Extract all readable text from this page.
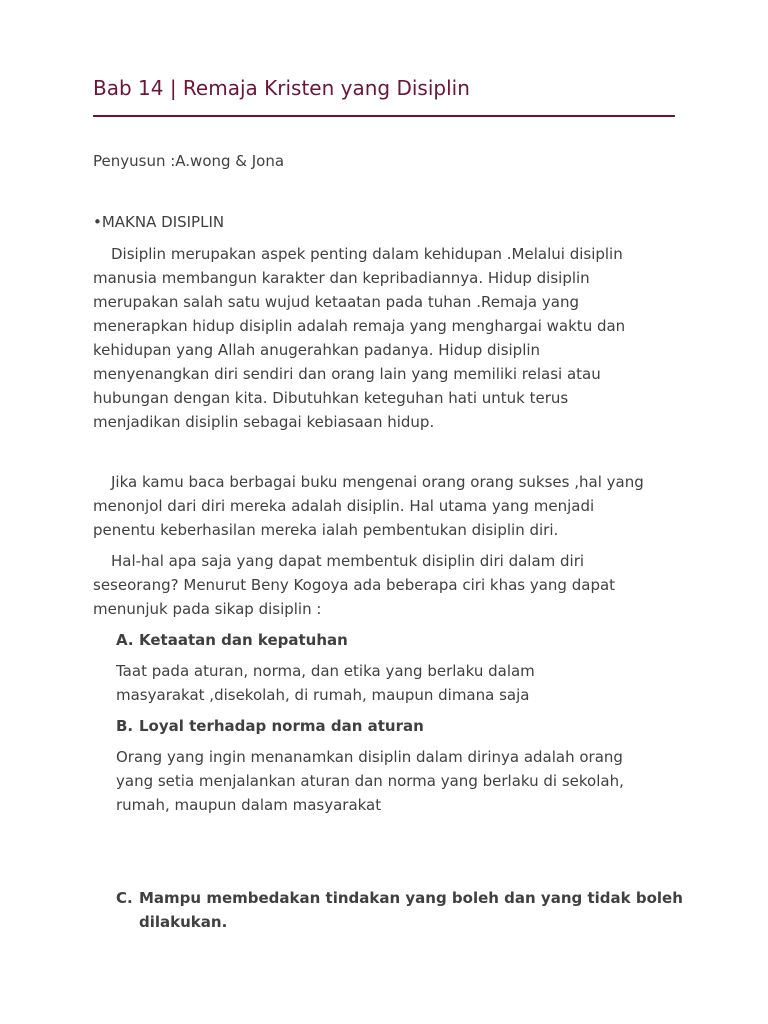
Bab 14 | Remaja Kristen yang Disiplin
Penyusun :A.wong & Jona
•MAKNA DISIPLIN
Disiplin merupakan aspek penting dalam kehidupan .Melalui disiplin
manusia membangun karakter dan kepribadiannya. Hidup disiplin
merupakan salah satu wujud ketaatan pada tuhan .Remaja yang
menerapkan hidup disiplin adalah remaja yang menghargai waktu dan
kehidupan yang Allah anugerahkan padanya. Hidup disiplin
menyenangkan diri sendiri dan orang lain yang memiliki relasi atau
hubungan dengan kita. Dibutuhkan keteguhan hati untuk terus
menjadikan disiplin sebagai kebiasaan hidup.
Jika kamu baca berbagai buku mengenai orang orang sukses ,hal yang
menonjol dari diri mereka adalah disiplin. Hal utama yang menjadi
penentu keberhasilan mereka ialah pembentukan disiplin diri.
Hal-hal apa saja yang dapat membentuk disiplin diri dalam diri
seseorang? Menurut Beny Kogoya ada beberapa ciri khas yang dapat
menunjuk pada sikap disiplin :
A. Ketaatan dan kepatuhan
Taat pada aturan, norma, dan etika yang berlaku dalam
masyarakat ,disekolah, di rumah, maupun dimana saja
B. Loyal terhadap norma dan aturan
Orang yang ingin menanamkan disiplin dalam dirinya adalah orang
yang setia menjalankan aturan dan norma yang berlaku di sekolah,
rumah, maupun dalam masyarakat
C. Mampu membedakan tindakan yang boleh dan yang tidak boleh
dilakukan.
